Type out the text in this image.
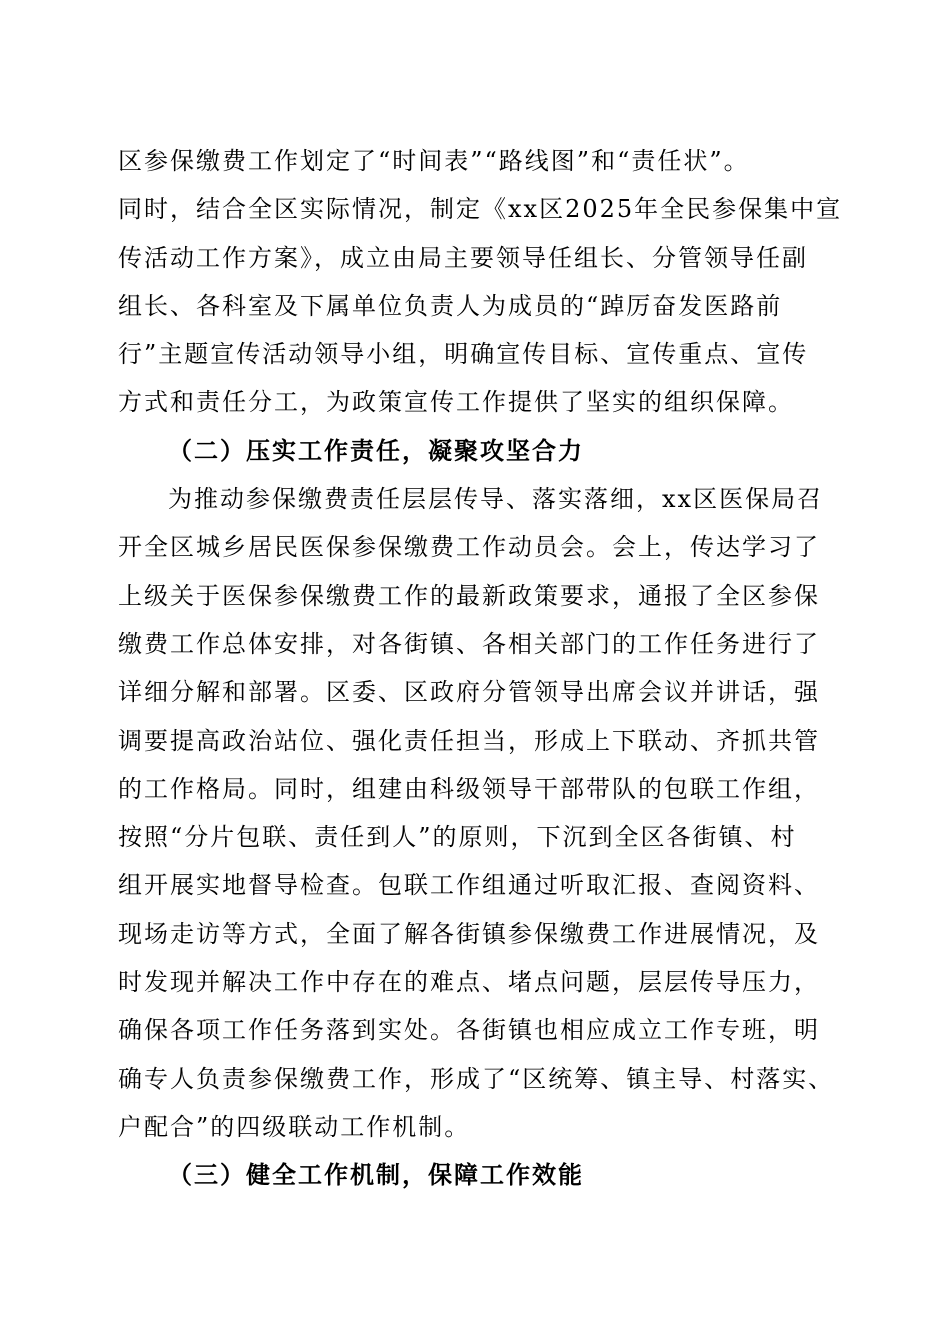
区参保缴费工作划定了“时间表”“路线图”和“责任状”。
同时，结合全区实际情况，制定《xx区2025年全民参保集中宣
传活动工作方案》，成立由局主要领导任组长、分管领导任副
组长、各科室及下属单位负责人为成员的“踔厉奋发医路前
行”主题宣传活动领导小组，明确宣传目标、宣传重点、宣传
方式和责任分工，为政策宣传工作提供了坚实的组织保障。
（二）压实工作责任，凝聚攻坚合力
为推动参保缴费责任层层传导、落实落细，xx区医保局召
开全区城乡居民医保参保缴费工作动员会。会上，传达学习了
上级关于医保参保缴费工作的最新政策要求，通报了全区参保
缴费工作总体安排，对各街镇、各相关部门的工作任务进行了
详细分解和部署。区委、区政府分管领导出席会议并讲话，强
调要提高政治站位、强化责任担当，形成上下联动、齐抓共管
的工作格局。同时，组建由科级领导干部带队的包联工作组，
按照“分片包联、责任到人”的原则，下沉到全区各街镇、村
组开展实地督导检查。包联工作组通过听取汇报、查阅资料、
现场走访等方式，全面了解各街镇参保缴费工作进展情况，及
时发现并解决工作中存在的难点、堵点问题，层层传导压力，
确保各项工作任务落到实处。各街镇也相应成立工作专班，明
确专人负责参保缴费工作，形成了“区统筹、镇主导、村落实、
户配合”的四级联动工作机制。
（三）健全工作机制，保障工作效能
